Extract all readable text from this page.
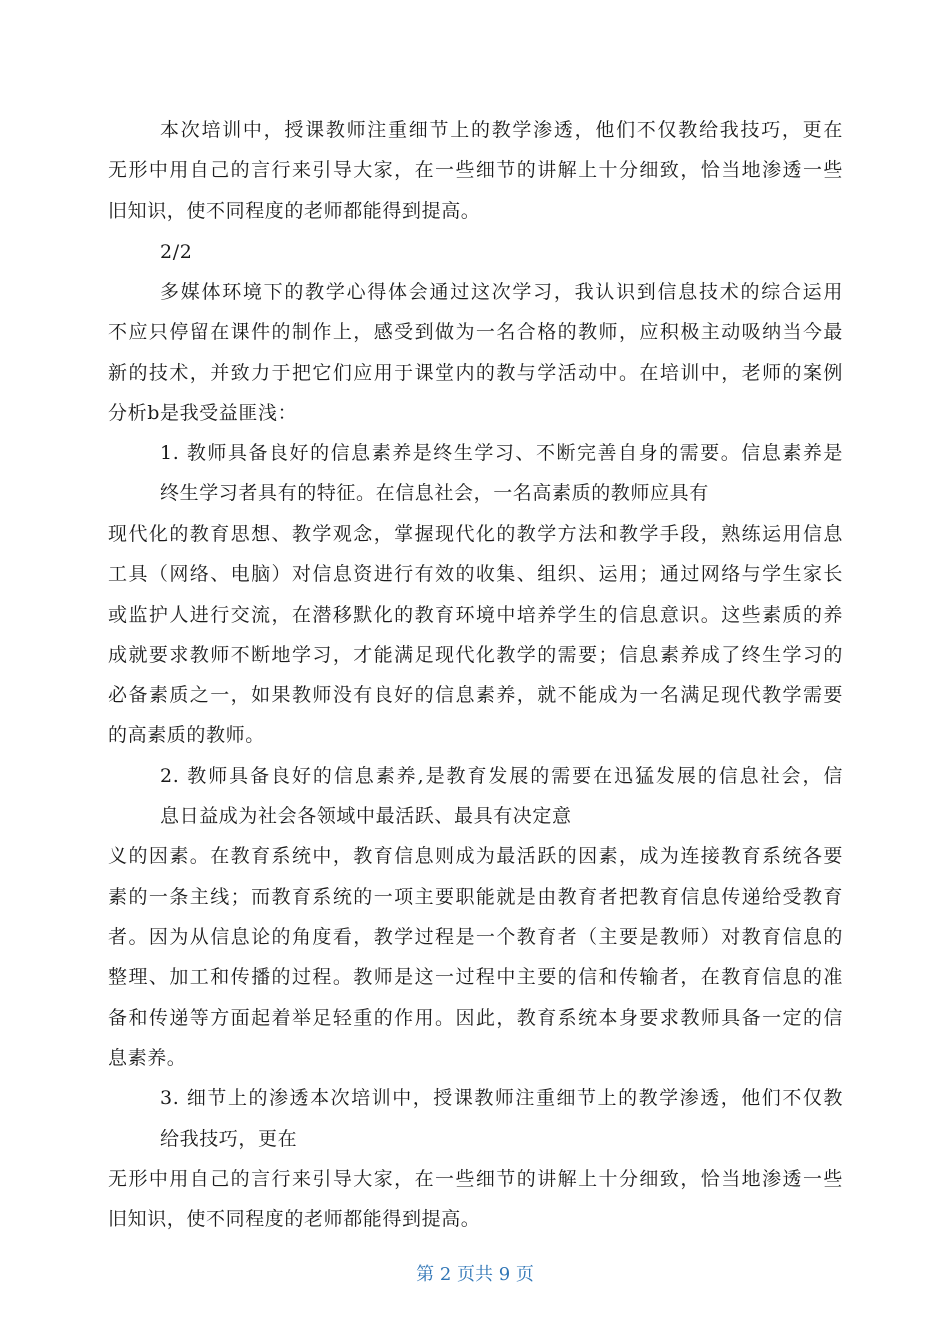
本次培训中，授课教师注重细节上的教学渗透，他们不仅教给我技巧，更在
无形中用自己的言行来引导大家，在一些细节的讲解上十分细致，恰当地渗透一些
旧知识，使不同程度的老师都能得到提高。
2/2
多媒体环境下的教学心得体会通过这次学习，我认识到信息技术的综合运用
不应只停留在课件的制作上，感受到做为一名合格的教师，应积极主动吸纳当今最
新的技术，并致力于把它们应用于课堂内的教与学活动中。在培训中，老师的案例
分析b是我受益匪浅：
1. 教师具备良好的信息素养是终生学习、不断完善自身的需要。信息素养是
终生学习者具有的特征。在信息社会，一名高素质的教师应具有
现代化的教育思想、教学观念，掌握现代化的教学方法和教学手段，熟练运用信息
工具（网络、电脑）对信息资进行有效的收集、组织、运用；通过网络与学生家长
或监护人进行交流，在潜移默化的教育环境中培养学生的信息意识。这些素质的养
成就要求教师不断地学习，才能满足现代化教学的需要；信息素养成了终生学习的
必备素质之一，如果教师没有良好的信息素养，就不能成为一名满足现代教学需要
的高素质的教师。
2. 教师具备良好的信息素养,是教育发展的需要在迅猛发展的信息社会，信
息日益成为社会各领域中最活跃、最具有决定意
义的因素。在教育系统中，教育信息则成为最活跃的因素，成为连接教育系统各要
素的一条主线；而教育系统的一项主要职能就是由教育者把教育信息传递给受教育
者。因为从信息论的角度看，教学过程是一个教育者（主要是教师）对教育信息的
整理、加工和传播的过程。教师是这一过程中主要的信和传输者，在教育信息的准
备和传递等方面起着举足轻重的作用。因此，教育系统本身要求教师具备一定的信
息素养。
3. 细节上的渗透本次培训中，授课教师注重细节上的教学渗透，他们不仅教
给我技巧，更在
无形中用自己的言行来引导大家，在一些细节的讲解上十分细致，恰当地渗透一些
旧知识，使不同程度的老师都能得到提高。
第 2 页共 9 页
